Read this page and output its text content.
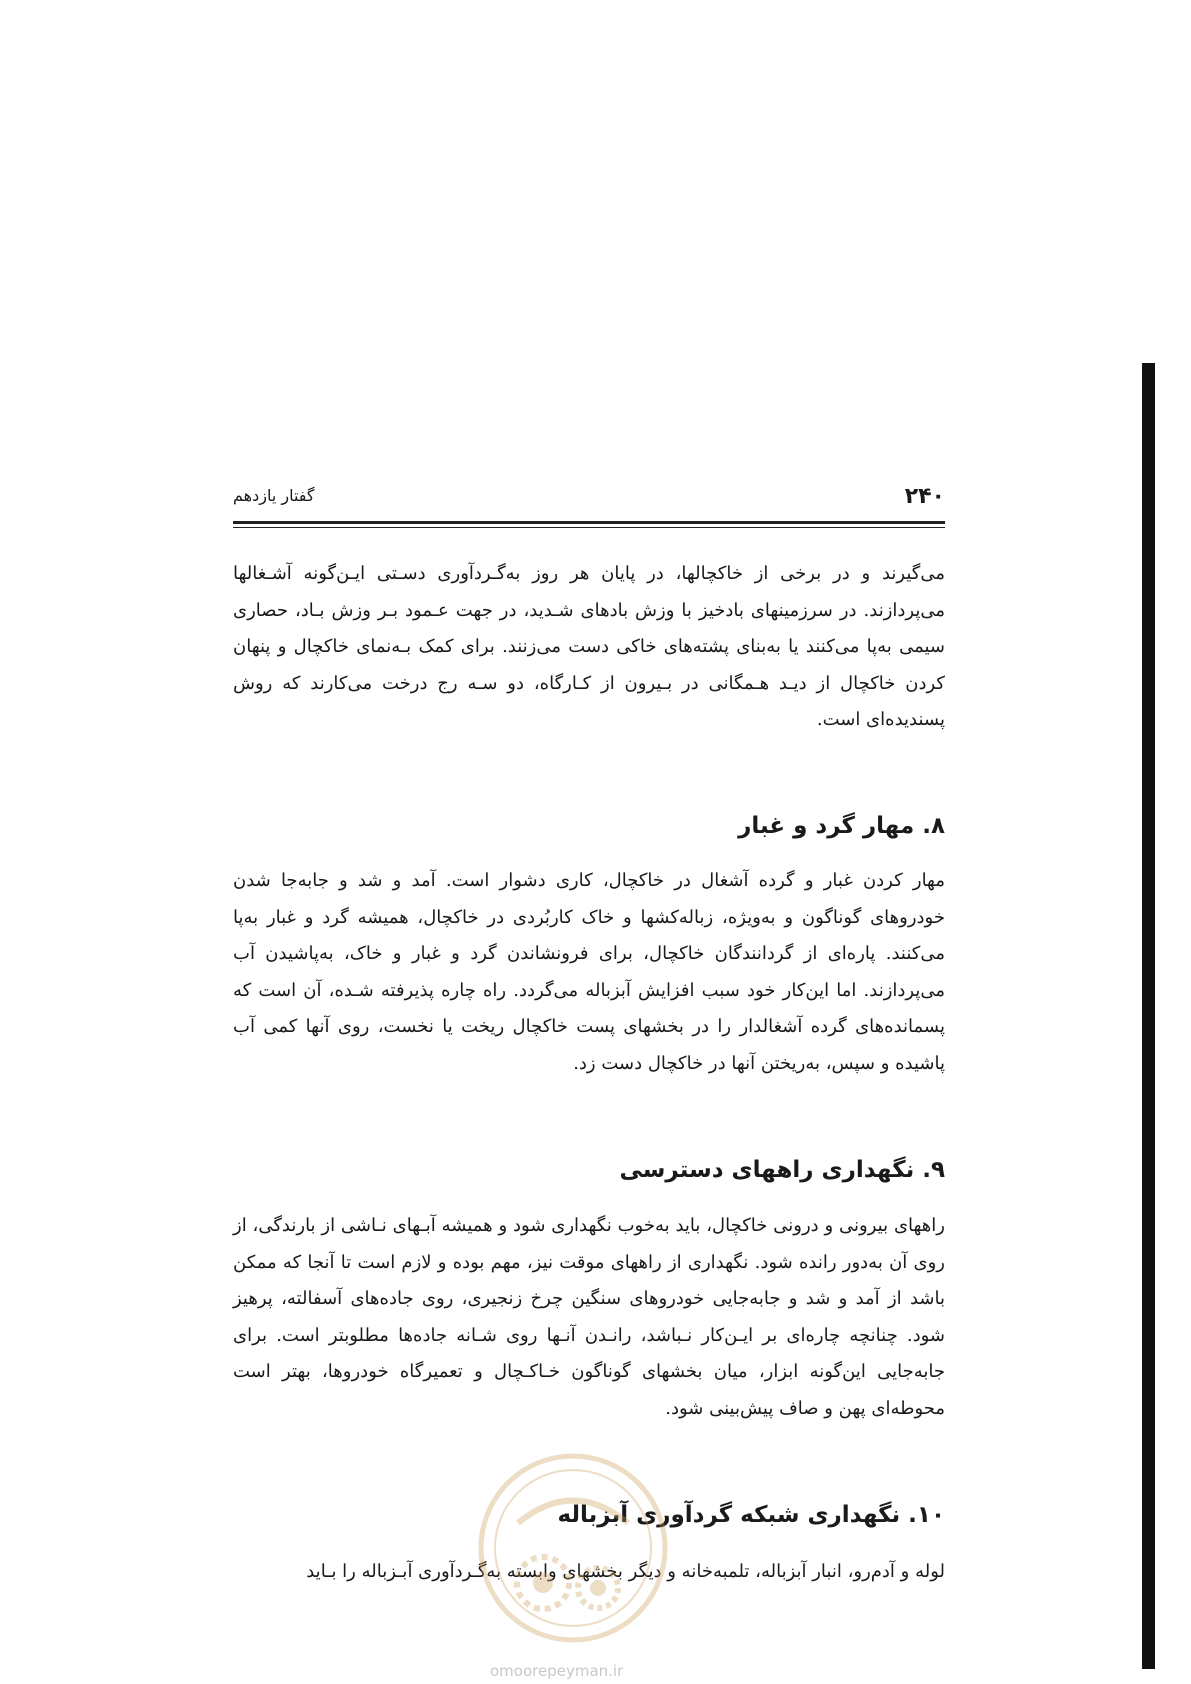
۲۴۰
گفتار یازدهم

می‌گیرند و در برخی از خاکچالها، در پایان هر روز به‌گـردآوری دسـتی ایـن‌گونه آشـغالها می‌پردازند. در سرزمینهای بادخیز با وزش بادهای شـدید، در جهت عـمود بـر وزش بـاد، حصاری سیمی به‌پا می‌کنند یا به‌بنای پشته‌های خاکی دست می‌زنند. برای کمک بـه‌نمای خاکچال و پنهان کردن خاکچال از دیـد هـمگانی در بـیرون از کـارگاه، دو سـه رج درخت می‌کارند که روش پسندیده‌ای است.

۸. مهار گرد و غبار

مهار کردن غبار و گرده آشغال در خاکچال، کاری دشوار است. آمد و شد و جابه‌جا شدن خودروهای گوناگون و به‌ویژه، زباله‌کشها و خاک کاربُردی در خاکچال، همیشه گرد و غبار به‌پا می‌کنند. پاره‌ای از گردانندگان خاکچال، برای فرونشاندن گرد و غبار و خاک، به‌پاشیدن آب می‌پردازند. اما این‌کار خود سبب افزایش آبزباله می‌گردد. راه چاره پذیرفته شـده، آن است که پسمانده‌های گرده آشغالدار را در بخشهای پست خاکچال ریخت یا نخست، روی آنها کمی آب پاشیده و سپس، به‌ریختن آنها در خاکچال دست زد.

۹. نگهداری راههای دسترسی

راههای بیرونی و درونی خاکچال، باید به‌خوب نگهداری شود و همیشه آبـهای نـاشی از بارندگی، از روی آن به‌دور رانده شود. نگهداری از راههای موقت نیز، مهم بوده و لازم است تا آنجا که ممکن باشد از آمد و شد و جابه‌جایی خودروهای سنگین چرخ زنجیری، روی جاده‌های آسفالته، پرهیز شود. چنانچه چاره‌ای بر ایـن‌کار نـباشد، رانـدن آنـها روی شـانه جاده‌ها مطلوبتر است. برای جابه‌جایی این‌گونه ابزار، میان بخشهای گوناگون خـاکـچال و تعمیرگاه خودروها، بهتر است محوطه‌ای پهن و صاف پیش‌بینی شود.

۱۰. نگهداری شبکه گردآوری آبزباله

لوله و آدم‌رو، انبار آبزباله، تلمبه‌خانه و دیگر بخشهای وابسته به‌گـردآوری آبـزباله را بـاید

omoorepeyman.ir
